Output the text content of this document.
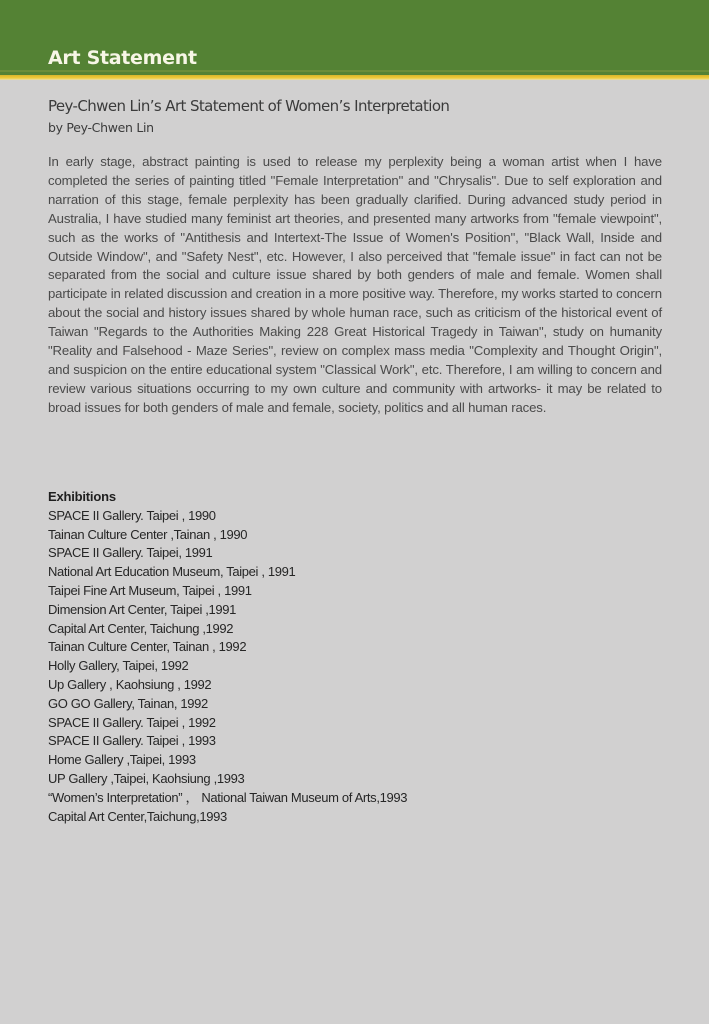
Art Statement
Pey-Chwen Lin’s Art Statement of Women’s Interpretation
by Pey-Chwen Lin

In early stage, abstract painting is used to release my perplexity being a woman artist when I have completed the series of painting titled "Female Interpretation" and "Chrysalis". Due to self exploration and narration of this stage, female perplexity has been gradually clarified. During advanced study period in Australia, I have studied many feminist art theories, and presented many artworks from "female viewpoint", such as the works of "Antithesis and Intertext-The Issue of Women's Position", "Black Wall, Inside and Outside Window", and "Safety Nest", etc. However, I also perceived that "female issue" in fact can not be separated from the social and culture issue shared by both genders of male and female. Women shall participate in related discussion and creation in a more positive way. Therefore, my works started to concern about the social and history issues shared by whole human race, such as criticism of the historical event of Taiwan "Regards to the Authorities Making 228 Great Historical Tragedy in Taiwan", study on humanity "Reality and Falsehood - Maze Series", review on complex mass media "Complexity and Thought Origin", and suspicion on the entire educational system "Classical Work", etc. Therefore, I am willing to concern and review various situations occurring to my own culture and community with artworks- it may be related to broad issues for both genders of male and female, society, politics and all human races.

Exhibitions
SPACE II Gallery. Taipei , 1990
Tainan Culture Center ,Tainan , 1990
SPACE II Gallery. Taipei, 1991
National Art Education Museum, Taipei , 1991
Taipei Fine Art Museum, Taipei , 1991
Dimension Art Center, Taipei ,1991
Capital Art Center, Taichung ,1992
Tainan Culture Center, Tainan , 1992
Holly Gallery, Taipei, 1992
Up Gallery , Kaohsiung , 1992
GO GO Gallery, Tainan, 1992
SPACE II Gallery. Taipei , 1992
SPACE II Gallery. Taipei , 1993
Home Gallery ,Taipei, 1993
UP Gallery ,Taipei, Kaohsiung ,1993
“Women’s Interpretation” ， National Taiwan Museum of Arts,1993
Capital Art Center,Taichung,1993
